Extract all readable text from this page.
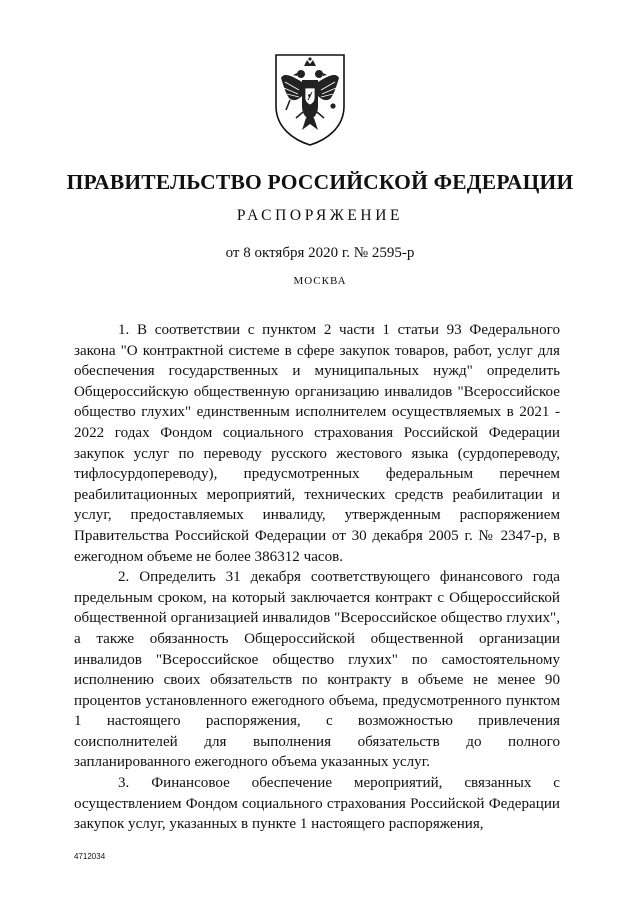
ПРАВИТЕЛЬСТВО РОССИЙСКОЙ ФЕДЕРАЦИИ
РАСПОРЯЖЕНИЕ
от 8 октября 2020 г. № 2595-р
МОСКВА

1. В соответствии с пунктом 2 части 1 статьи 93 Федерального закона "О контрактной системе в сфере закупок товаров, работ, услуг для обеспечения государственных и муниципальных нужд" определить Общероссийскую общественную организацию инвалидов "Всероссийское общество глухих" единственным исполнителем осуществляемых в 2021 - 2022 годах Фондом социального страхования Российской Федерации закупок услуг по переводу русского жестового языка (сурдопереводу, тифлосурдопереводу), предусмотренных федеральным перечнем реабилитационных мероприятий, технических средств реабилитации и услуг, предоставляемых инвалиду, утвержденным распоряжением Правительства Российской Федерации от 30 декабря 2005 г. № 2347-р, в ежегодном объеме не более 386312 часов.

2. Определить 31 декабря соответствующего финансового года предельным сроком, на который заключается контракт с Общероссийской общественной организацией инвалидов "Всероссийское общество глухих", а также обязанность Общероссийской общественной организации инвалидов "Всероссийское общество глухих" по самостоятельному исполнению своих обязательств по контракту в объеме не менее 90 процентов установленного ежегодного объема, предусмотренного пунктом 1 настоящего распоряжения, с возможностью привлечения соисполнителей для выполнения обязательств до полного запланированного ежегодного объема указанных услуг.

3. Финансовое обеспечение мероприятий, связанных с осуществлением Фондом социального страхования Российской Федерации закупок услуг, указанных в пункте 1 настоящего распоряжения,

4712034
